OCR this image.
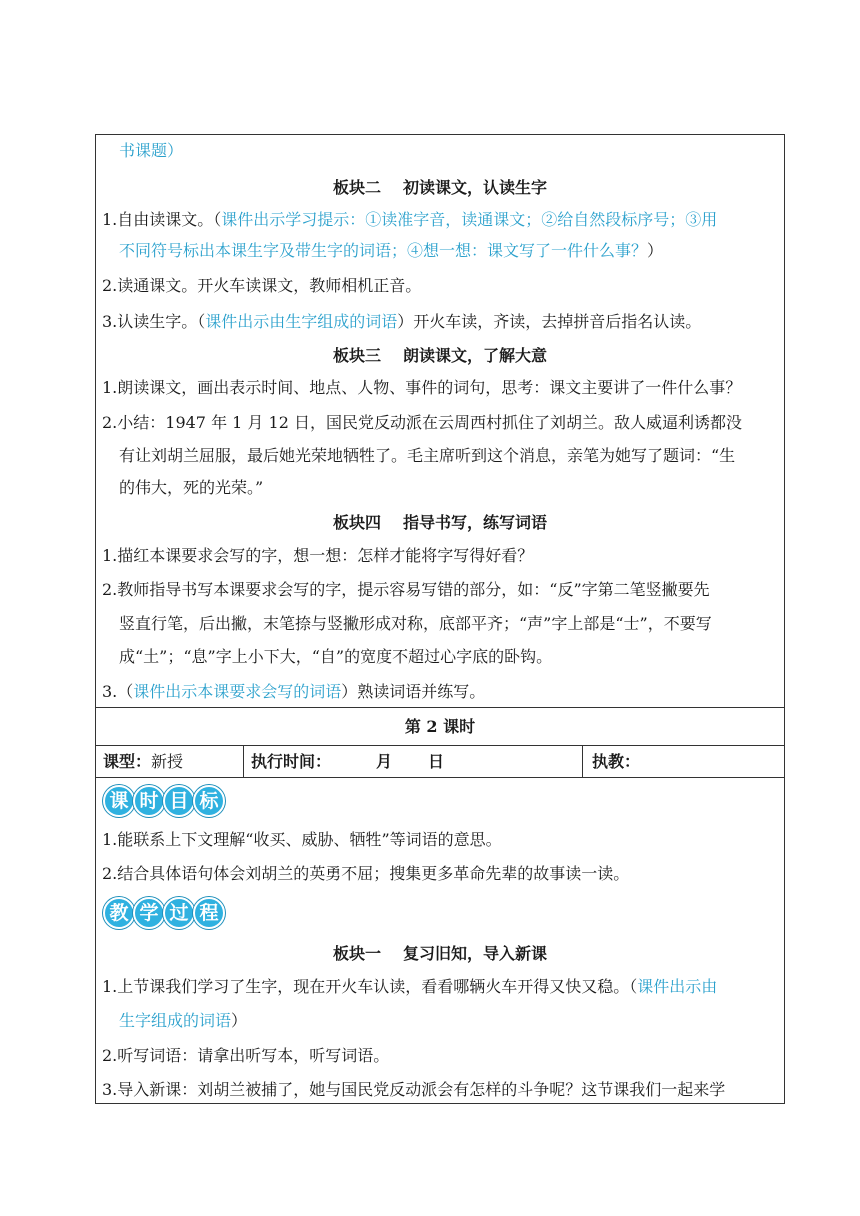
书课题）
板块二 初读课文，认读生字
1.自由读课文。（课件出示学习提示：①读准字音，读通课文；②给自然段标序号；③用
不同符号标出本课生字及带生字的词语；④想一想：课文写了一件什么事？）
2.读通课文。开火车读课文，教师相机正音。
3.认读生字。（课件出示由生字组成的词语）开火车读，齐读，去掉拼音后指名认读。
板块三 朗读课文，了解大意
1.朗读课文，画出表示时间、地点、人物、事件的词句，思考：课文主要讲了一件什么事？
2.小结：1947 年 1 月 12 日，国民党反动派在云周西村抓住了刘胡兰。敌人威逼利诱都没
有让刘胡兰屈服，最后她光荣地牺牲了。毛主席听到这个消息，亲笔为她写了题词：“生
的伟大，死的光荣。”
板块四 指导书写，练写词语
1.描红本课要求会写的字，想一想：怎样才能将字写得好看？
2.教师指导书写本课要求会写的字，提示容易写错的部分，如：“反”字第二笔竖撇要先
竖直行笔，后出撇，末笔捺与竖撇形成对称，底部平齐；“声”字上部是“士”，不要写
成“土”；“息”字上小下大，“自”的宽度不超过心字底的卧钩。
3.（课件出示本课要求会写的词语）熟读词语并练写。
第 2 课时
课型：新授	执行时间：	月 日	执教：
课 时 目 标
1.能联系上下文理解“收买、威胁、牺牲”等词语的意思。
2.结合具体语句体会刘胡兰的英勇不屈；搜集更多革命先辈的故事读一读。
教 学 过 程
板块一 复习旧知，导入新课
1.上节课我们学习了生字，现在开火车认读，看看哪辆火车开得又快又稳。（课件出示由
生字组成的词语）
2.听写词语：请拿出听写本，听写词语。
3.导入新课：刘胡兰被捕了，她与国民党反动派会有怎样的斗争呢？这节课我们一起来学
